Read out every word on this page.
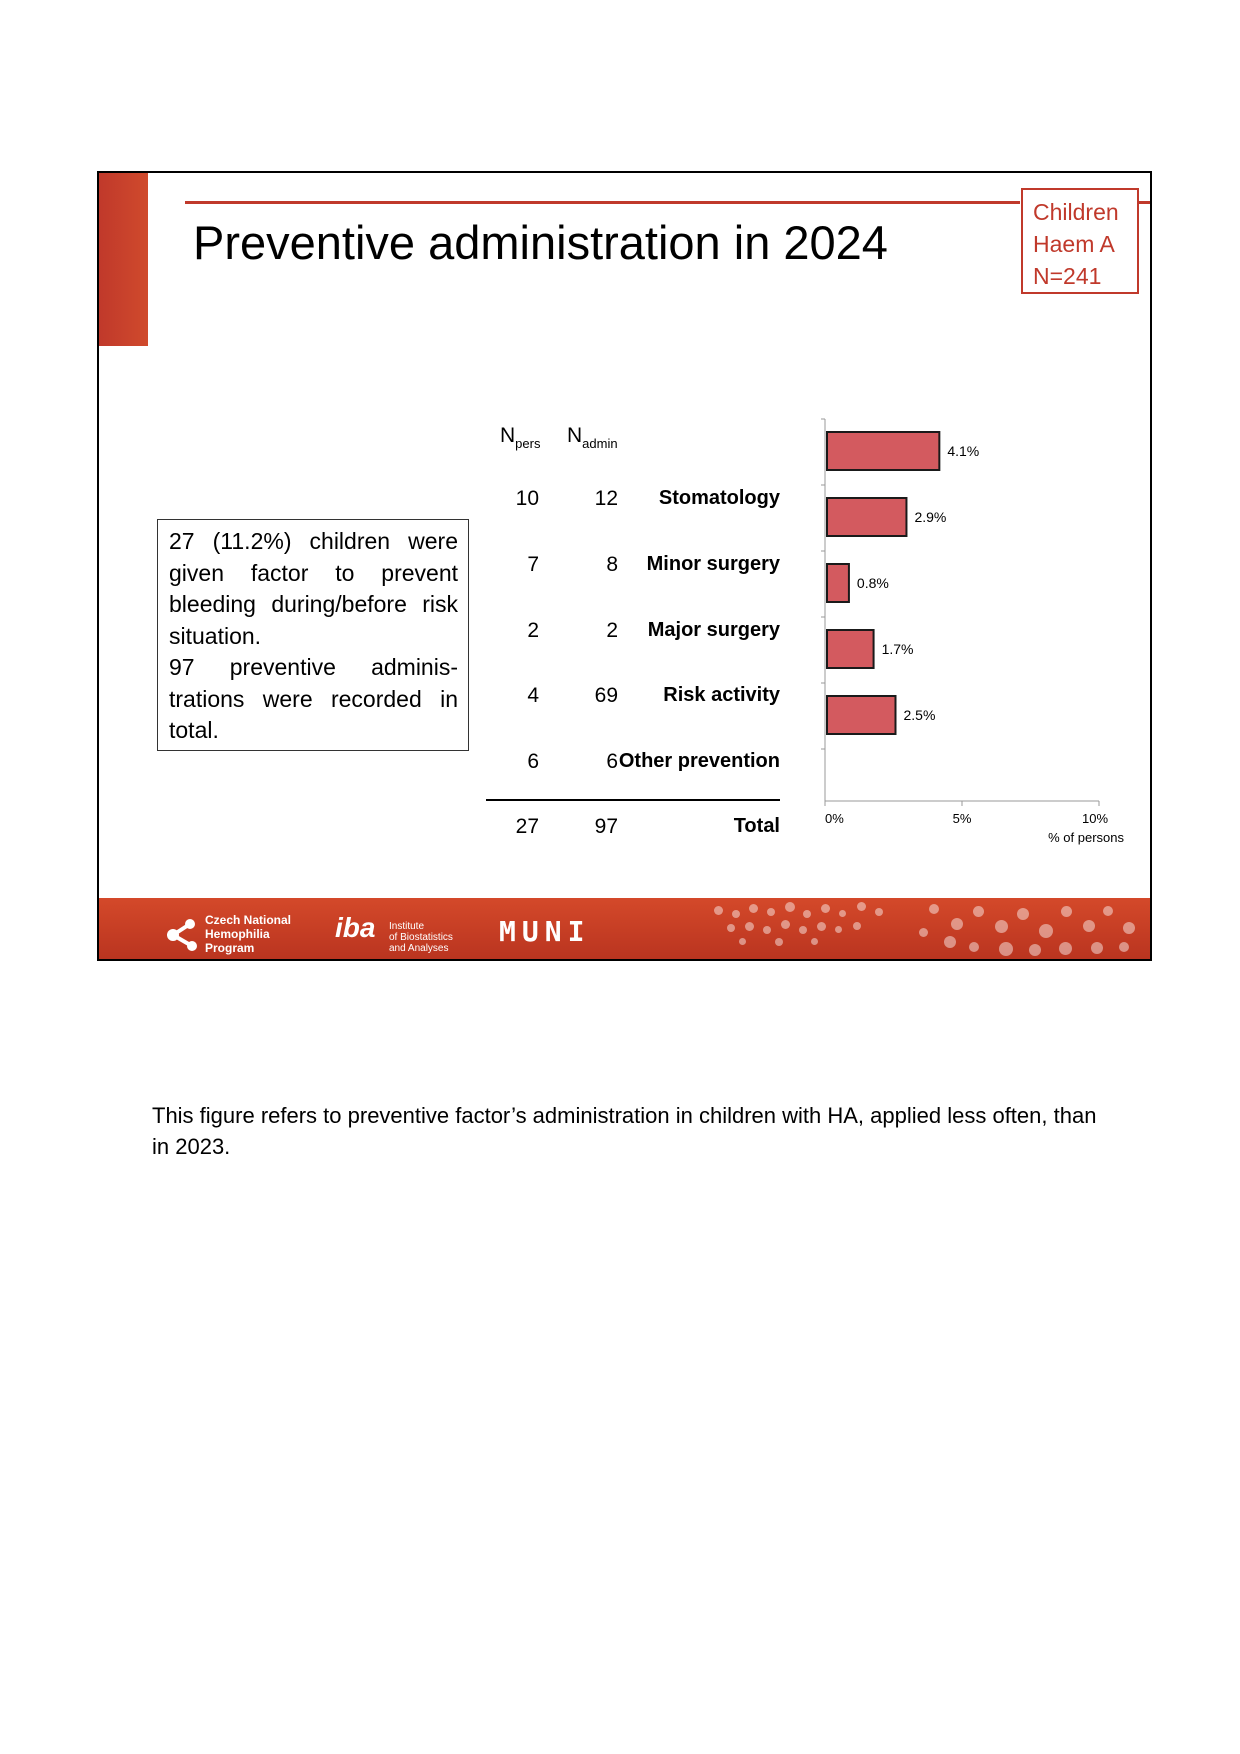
Preventive administration in 2024
Children
Haem A
N=241

27 (11.2%) children were given factor to prevent bleeding during/before risk situation.

97 preventive adminis-trations were recorded in total.

$N_{pers}$ $N_{admin}$
10	12	Stomatology
7	8	Minor surgery
2	2	Major surgery
4	69	Risk activity
6	6 Other prevention
27	97	Total	0%	5%	10%
% of persons
4.1%
2.9%
0.8%
1.7%
2.5%
Czech National
Hemophilia
Program
iba Institute
of Biostatistics
and Analyses
MUNI
This figure refers to preventive factor’s administration in children with HA, applied less often, than in 2023.
